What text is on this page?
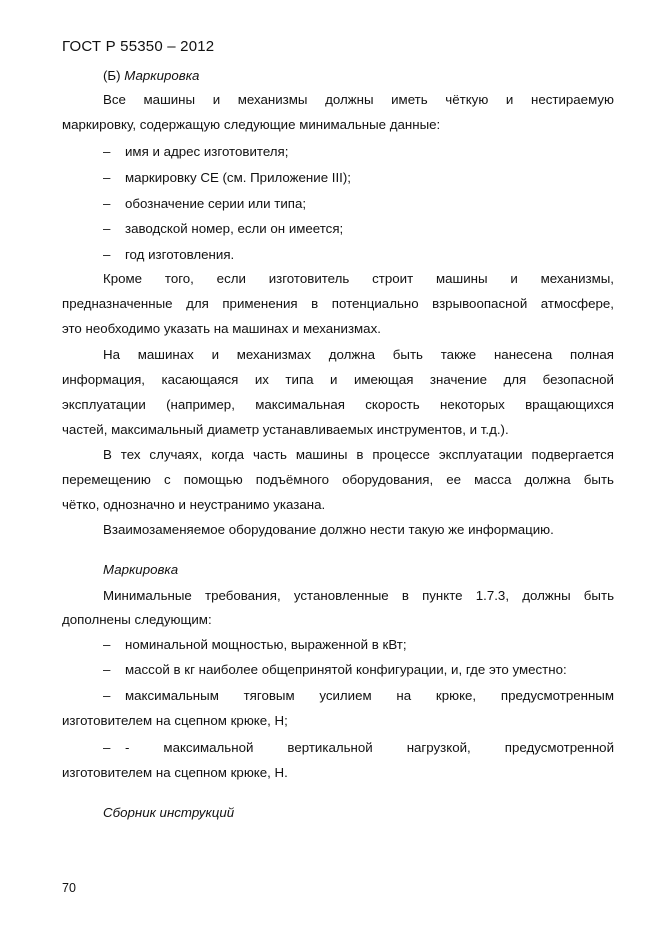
ГОСТ Р 55350 – 2012
(Б) Маркировка
Все машины и механизмы должны иметь чёткую и нестираемую
маркировку, содержащую следующие минимальные данные:
– имя и адрес изготовителя;
– маркировку CE (см. Приложение III);
– обозначение серии или типа;
– заводской номер, если он имеется;
– год изготовления.
Кроме того, если изготовитель строит машины и механизмы,
предназначенные для применения в потенциально взрывоопасной атмосфере,
это необходимо указать на машинах и механизмах.
На машинах и механизмах должна быть также нанесена полная
информация, касающаяся их типа и имеющая значение для безопасной
эксплуатации (например, максимальная скорость некоторых вращающихся
частей, максимальный диаметр устанавливаемых инструментов, и т.д.).
В тех случаях, когда часть машины в процессе эксплуатации подвергается
перемещению с помощью подъёмного оборудования, ее масса должна быть
чётко, однозначно и неустранимо указана.
Взаимозаменяемое оборудование должно нести такую же информацию.
Маркировка
Минимальные требования, установленные в пункте 1.7.3, должны быть
дополнены следующим:
– номинальной мощностью, выраженной в кВт;
– массой в кг наиболее общепринятой конфигурации, и, где это уместно:
– максимальным тяговым усилием на крюке, предусмотренным
изготовителем на сцепном крюке, Н;
– - максимальной вертикальной нагрузкой, предусмотренной
изготовителем на сцепном крюке, Н.
Сборник инструкций
70
